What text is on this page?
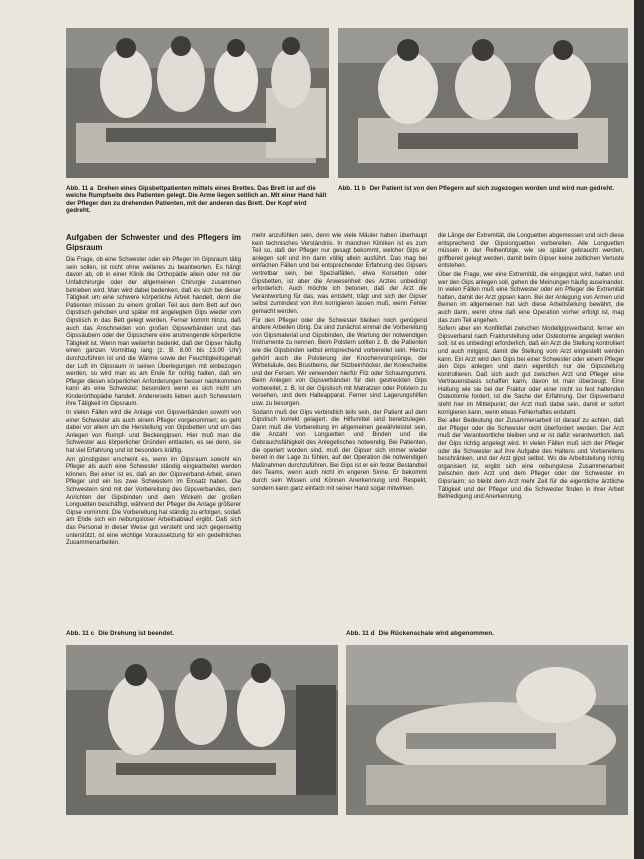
Abb. 11 a Drehen eines Gipsbettpatienten mittels eines Brettes. Das Brett ist auf die weiche Rumpfseite des Patienten gelegt. Die Arme liegen seitlich an. Mit einer Hand hält der Pfleger den zu drehenden Patienten, mit der anderen das Brett. Der Kopf wird gedreht.
Abb. 11 b Der Patient ist von den Pflegern auf sich zugezogen worden und wird nun gedreht.
Aufgaben der Schwester und des Pflegers im Gipsraum

Die Frage, ob eine Schwester oder ein Pfleger im Gipsraum tätig sein sollen, ist nicht ohne weiteres zu beantworten. Es hängt davon ab, ob in einer Klinik die Orthopädie allein oder mit der Unfallchirurgie oder der allgemeinen Chirurgie zusammen betrieben wird. Man wird dabei bedenken, daß es sich bei dieser Tätigkeit um eine schwere körperliche Arbeit handelt, denn die Patienten müssen zu einem großen Teil aus dem Bett auf den Gipstisch gehoben und später mit angelegtem Gips wieder vom Gipstisch in das Bett gelegt werden. Ferner kommt hinzu, daß auch das Anschneiden von großen Gipsverbänden und das Gipssäubern oder der Gipsschere eine anstrengende körperliche Tätigkeit ist. Wenn man weiterhin bedenkt, daß der Gipser häufig einen ganzen Vormittag lang (z. B. 8.00 bis 13.00 Uhr) durchzuführen ist und die Wärme sowie der Feuchtigkeitsgehalt der Luft im Gipsraum in seinen Überlegungen mit einbezogen werden, so wird man es am Ende für richtig halten, daß ein Pfleger diesen körperlichen Anforderungen besser nachkommen kann als eine Schwester, besonders wenn es sich nicht um Kinderorthopädie handelt. Andererseits lieben auch Schwestern ihre Tätigkeit im Gipsraum.

In vielen Fällen wird die Anlage von Gipsverbänden sowohl von einer Schwester als auch einem Pfleger vorgenommen; es geht dabei vor allem um die Herstellung von Gipsbetten und um das Anlegen von Rumpf- und Beckengipsen. Hier muß man die Schwester aus körperlicher Gründen entlasten, es sei denn, sie hat viel Erfahrung und ist besonders kräftig.

Am günstigsten erscheint es, wenn im Gipsraum sowohl ein Pfleger als auch eine Schwester ständig eingearbeitet werden können. Bei einer ist es, daß an der Gipsverband-Arbeit, einen Pfleger und ein bis zwei Schwestern im Einsatz haben. Die Schwestern sind mit der Vorbereitung des Gipsverbandes, dem Anrichten der Gipsbinden und dem Wickeln der großen Longuetten beschäftigt, während der Pfleger die Anlage größerer Gipse vornimmt. Die Vorbereitung hat ständig zu erfolgen, sodaß am Ende sich ein reibungsloser Arbeitsablauf ergibt. Daß sich das Personal in dieser Weise gut versteht und sich gegenseitig unterstützt, ist eine wichtige Voraussetzung für ein gedeihliches Zusammenarbeiten.

mehr anzufühlen sein, denn wie viele Mäuler haben überhaupt kein technisches Verständnis. In manchen Kliniken ist es zum Teil so, daß der Pfleger nur gesagt bekommt, welcher Gips er anlegen soll und ihn dann völlig allein ausführt. Das mag bei einfachen Fällen und bei entsprechender Erfahrung des Gipsers vertretbar sein, bei Spezialfällen, etwa Korsetten oder Gipsbetten, ist aber die Anwesenheit des Arztes unbedingt erforderlich. Auch möchte ich betonen, daß der Arzt die Verantwortung für das, was entsteht, trägt und sich der Gipser selbst zumindest von ihm korrigieren lassen muß, wenn Fehler gemacht werden.

Für den Pfleger oder die Schwester bleiben noch genügend andere Arbeiten übrig. Da sind zunächst einmal die Vorbereitung von Gipsmaterial und Gipsbinden, die Wartung der notwendigen Instrumente zu nennen. Beim Polstern sollten z. B. die Patienten wie die Gipsbinden selbst entsprechend vorbereitet sein. Hierzu gehört auch die Polsterung der Knochenvorsprünge, der Wirbelsäule, des Brustbeins, der Sitzbeinhöcker, der Kniescheibe und der Fersen. Wir verwenden hierfür Filz oder Schaumgummi. Beim Anlegen von Gipsverbänden für den gestreckten Gips vorbereitet, z. B. ist der Gipstisch mit Matratzen oder Polstern zu versehen, und dem Halteapparat. Ferner sind Lagerungshilfen usw. zu besorgen.

Sodann muß der Gips verbindlich teils sein, der Patient auf dem Gipstisch korrekt gelagert, die Hilfsmittel sind bereitzulegen. Dann muß die Vorbereitung im allgemeinen gewährleistet sein, die Anzahl von Longuetten und Binden und die Gebrauchsfähigkeit des Anlegetisches notwendig. Bei Patienten, die operiert worden sind, muß der Gipser sich immer wieder bereit in der Lage zu fühlen, auf der Operation die notwendigen Maßnahmen durchzuführen. Bei Gips ist er ein fester Bestandteil des Teams, wenn auch nicht im engeren Sinne. Er bekommt durch sein Wissen und Können Anerkennung und Respekt, sondern kann ganz einfach mit seiner Hand sogar mitwirken.

die Länge der Extremität, die Longuetten abgemessen und sich diese entsprechend der Gipslonguetten vorbereiten. Alle Longuetten müssen in der Reihenfolge, wie sie später gebraucht werden, griffbereit gelegt werden, damit beim Gipser keine zeitlichen Verluste entstehen.

Über die Frage, wer eine Extremität, die eingegipst wird, halten und wer den Gips anlegen soll, gehen die Meinungen häufig auseinander. In vielen Fällen muß eine Schwester oder ein Pfleger die Extremität halten, damit der Arzt gipsen kann. Bei der Anlegung von Armen und Beinen im allgemeinen hat sich diese Arbeitsteilung bewährt, die auch dann, wenn ohne daß eine Operation vorher erfolgt ist, mag das zum Teil angehen.

Sofern aber ein Konfliktfall zwischen Modellgipsverband, ferner ein Gipsverband nach Frakturstellung oder Osteotomie angelegt werden soll, ist es unbedingt erforderlich, daß ein Arzt die Stellung kontrolliert und auch mitgipst, damit die Stellung vom Arzt eingestellt werden kann. Ein Arzt wird den Gips bei einer Schwester oder einem Pfleger den Gips anlegen und dann eigentlich nur die Gipsstellung kontrollieren. Daß sich auch gut zwischen Arzt und Pfleger eine Vertrauensbasis schaffen kann, davon ist man überzeugt. Eine Haltung wie sie bei der Fraktur oder einer nicht so fest haltenden Osteotomie fordert, ist die Sache der Erfahrung. Der Gipsverband steht hier im Mittelpunkt; der Arzt muß dabei sein, damit er sofort korrigieren kann, wenn etwas Fehlerhaftes entsteht.

Bei aller Bedeutung der Zusammenarbeit ist darauf zu achten, daß der Pfleger oder die Schwester nicht überfordert werden. Der Arzt muß der Verantwortliche bleiben und er ist dafür verantwortlich, daß der Gips richtig angelegt wird. In vielen Fällen muß sich der Pfleger oder die Schwester auf ihre Aufgabe des Haltens und Vorbereitens beschränken, und der Arzt gipst selbst. Wo die Arbeitsteilung richtig organisiert ist, ergibt sich eine reibungslose Zusammenarbeit zwischen dem Arzt und dem Pfleger oder der Schwester im Gipsraum; so bleibt dem Arzt mehr Zeit für die eigentliche ärztliche Tätigkeit und der Pfleger und die Schwester finden in ihrer Arbeit Befriedigung und Anerkennung.

Abb. 11 c Die Drehung ist beendet.	Abb. 11 d Die Rückenschale wird abgenommen.
